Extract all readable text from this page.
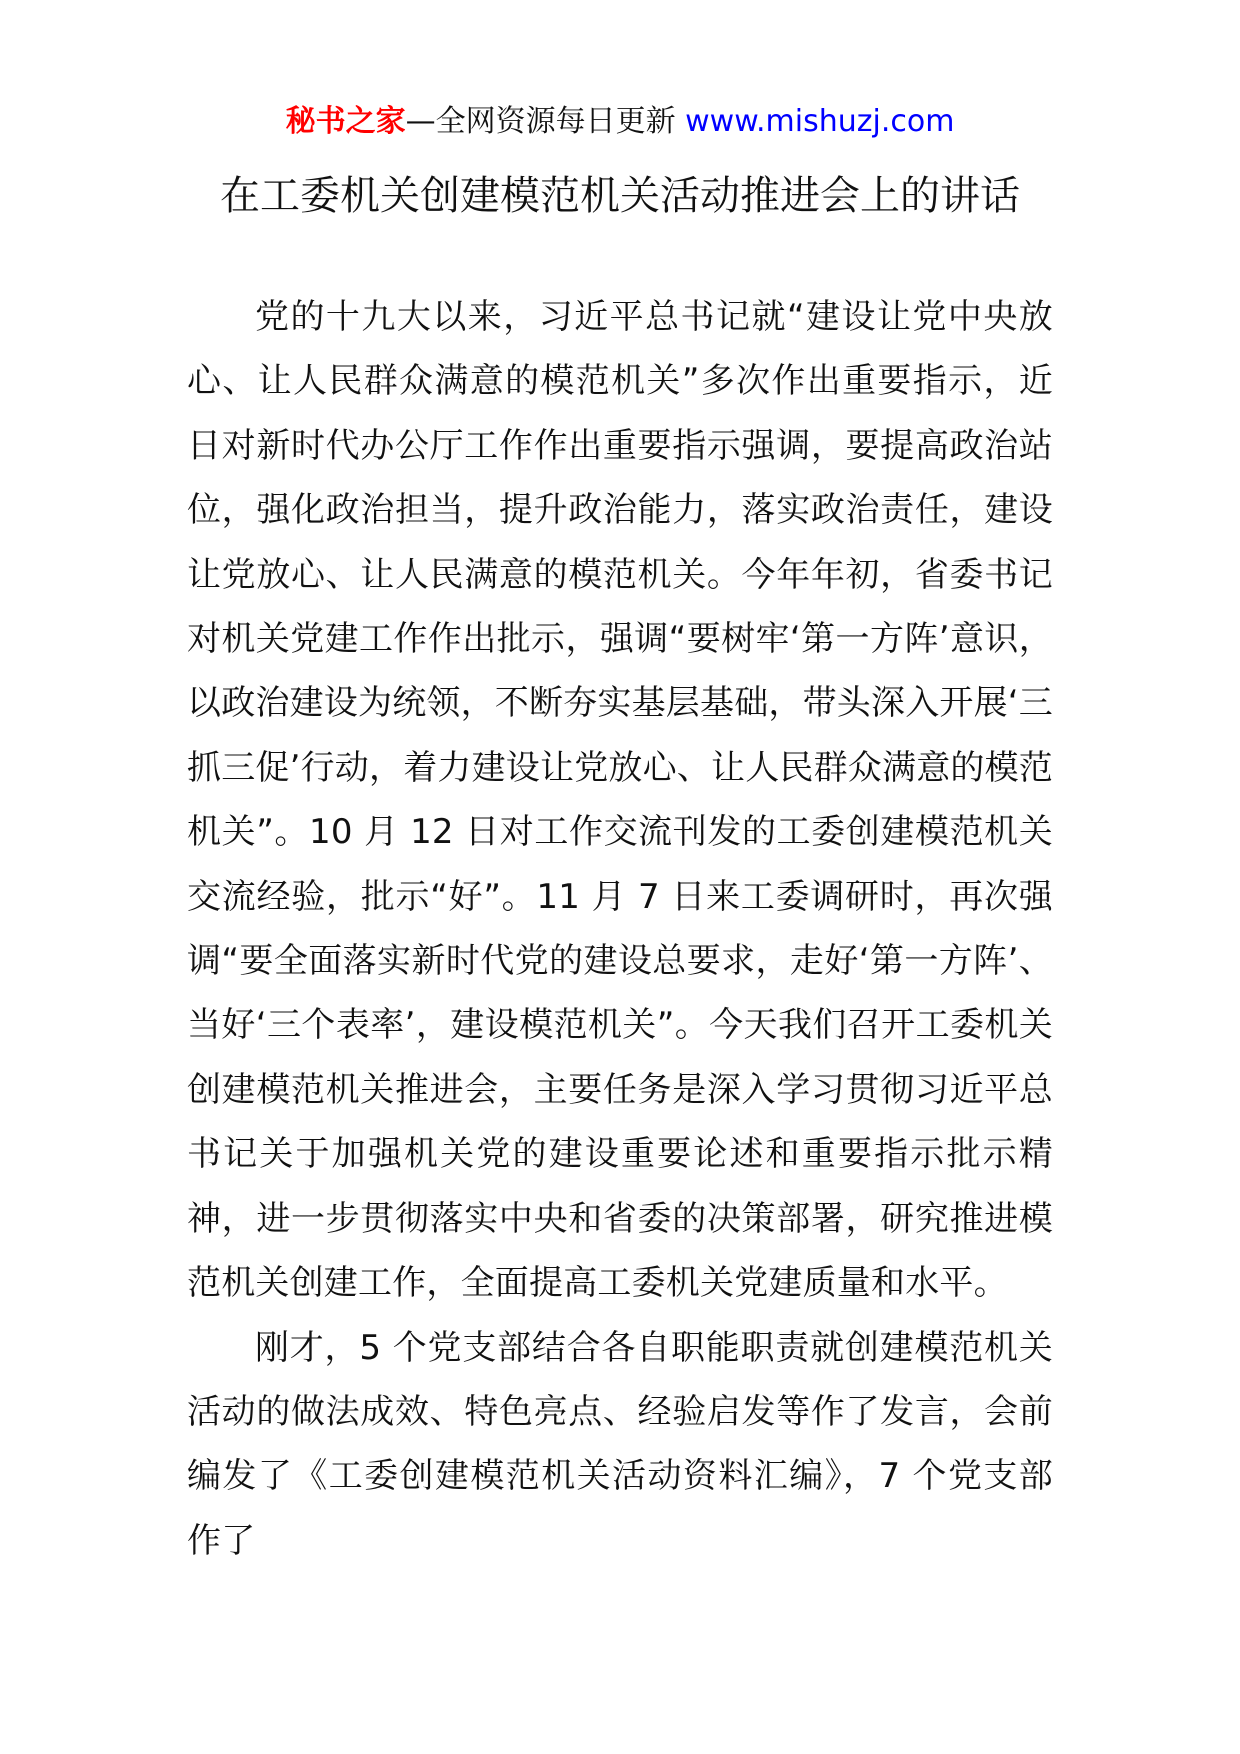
秘书之家—全网资源每日更新 www.mishuzj.com
在工委机关创建模范机关活动推进会上的讲话

党的十九大以来，习近平总书记就“建设让党中央放心、让人民群众满意的模范机关”多次作出重要指示，近日对新时代办公厅工作作出重要指示强调，要提高政治站位，强化政治担当，提升政治能力，落实政治责任，建设让党放心、让人民满意的模范机关。今年年初，省委书记对机关党建工作作出批示，强调“要树牢‘第一方阵’意识，以政治建设为统领，不断夯实基层基础，带头深入开展‘三抓三促’行动，着力建设让党放心、让人民群众满意的模范机关”。10 月 12 日对工作交流刊发的工委创建模范机关交流经验，批示“好”。11 月 7 日来工委调研时，再次强调“要全面落实新时代党的建设总要求，走好‘第一方阵’、当好‘三个表率’，建设模范机关”。今天我们召开工委机关创建模范机关推进会，主要任务是深入学习贯彻习近平总书记关于加强机关党的建设重要论述和重要指示批示精神，进一步贯彻落实中央和省委的决策部署，研究推进模范机关创建工作，全面提高工委机关党建质量和水平。

刚才，5 个党支部结合各自职能职责就创建模范机关活动的做法成效、特色亮点、经验启发等作了发言，会前编发了《工委创建模范机关活动资料汇编》，7 个党支部作了
